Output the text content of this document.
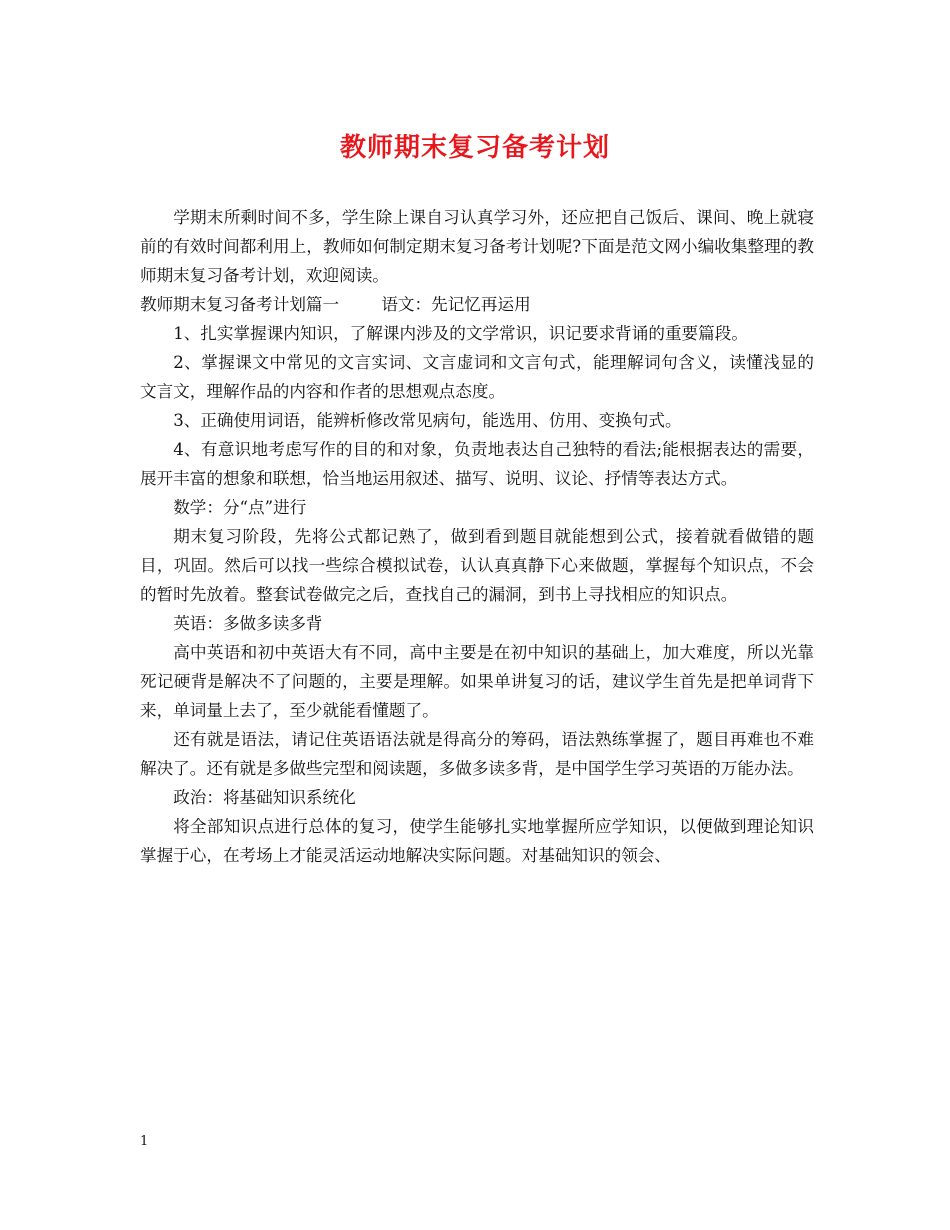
教师期末复习备考计划

学期末所剩时间不多，学生除上课自习认真学习外，还应把自己饭后、课间、晚上就寝前的有效时间都利用上，教师如何制定期末复习备考计划呢?下面是范文网小编收集整理的教师期末复习备考计划，欢迎阅读。

教师期末复习备考计划篇一	语文：先记忆再运用

1、扎实掌握课内知识，了解课内涉及的文学常识，识记要求背诵的重要篇段。

2、掌握课文中常见的文言实词、文言虚词和文言句式，能理解词句含义，读懂浅显的文言文，理解作品的内容和作者的思想观点态度。

3、正确使用词语，能辨析修改常见病句，能选用、仿用、变换句式。

4、有意识地考虑写作的目的和对象，负责地表达自己独特的看法;能根据表达的需要，展开丰富的想象和联想，恰当地运用叙述、描写、说明、议论、抒情等表达方式。

数学：分“点”进行

期末复习阶段，先将公式都记熟了，做到看到题目就能想到公式，接着就看做错的题目，巩固。然后可以找一些综合模拟试卷，认认真真静下心来做题，掌握每个知识点，不会的暂时先放着。整套试卷做完之后，查找自己的漏洞，到书上寻找相应的知识点。

英语：多做多读多背

高中英语和初中英语大有不同，高中主要是在初中知识的基础上，加大难度，所以光靠死记硬背是解决不了问题的，主要是理解。如果单讲复习的话，建议学生首先是把单词背下来，单词量上去了，至少就能看懂题了。

还有就是语法，请记住英语语法就是得高分的筹码，语法熟练掌握了，题目再难也不难解决了。还有就是多做些完型和阅读题，多做多读多背，是中国学生学习英语的万能办法。

政治：将基础知识系统化

将全部知识点进行总体的复习，使学生能够扎实地掌握所应学知识，以便做到理论知识掌握于心，在考场上才能灵活运动地解决实际问题。对基础知识的领会、

1
